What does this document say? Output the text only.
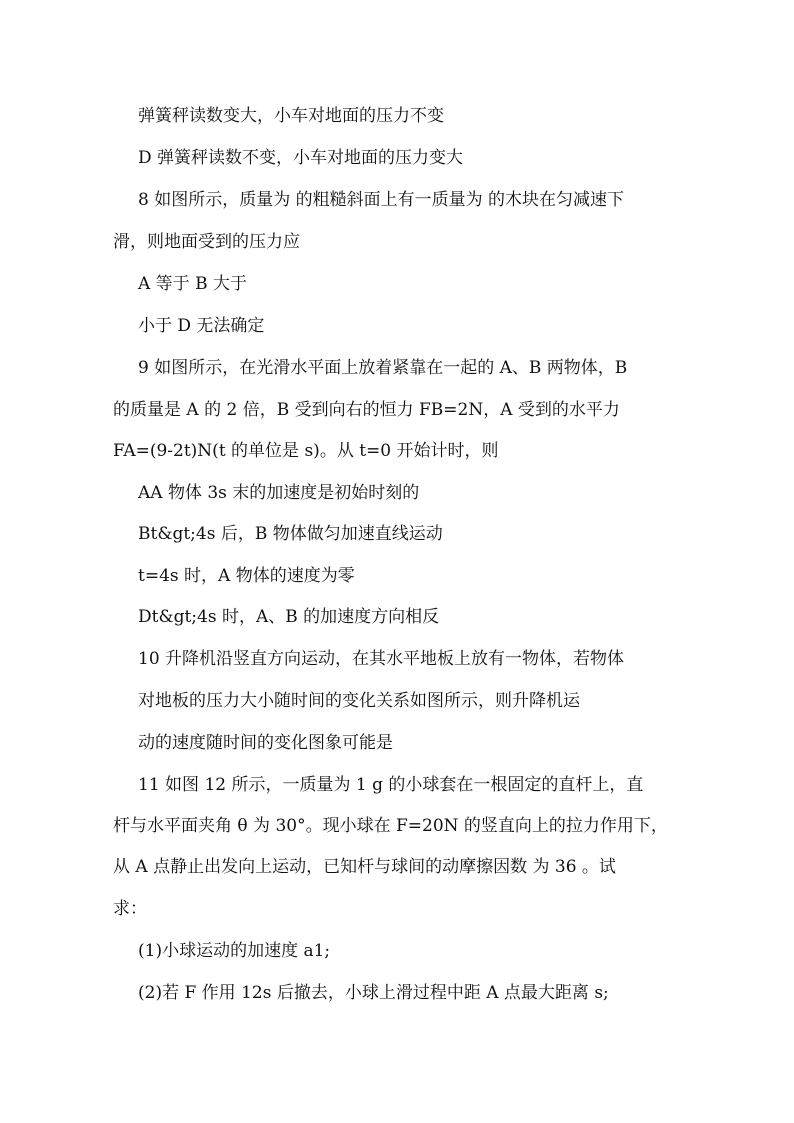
弹簧秤读数变大，小车对地面的压力不变
D 弹簧秤读数不变，小车对地面的压力变大
8 如图所示，质量为 的粗糙斜面上有一质量为 的木块在匀减速下
滑，则地面受到的压力应
A 等于 B 大于
小于 D 无法确定
9 如图所示，在光滑水平面上放着紧靠在一起的 A、B 两物体，B
的质量是 A 的 2 倍，B 受到向右的恒力 FB=2N，A 受到的水平力
FA=(9-2t)N(t 的单位是 s)。从 t=0 开始计时，则
AA 物体 3s 末的加速度是初始时刻的
Bt&gt;4s 后，B 物体做匀加速直线运动
t=4s 时，A 物体的速度为零
Dt&gt;4s 时，A、B 的加速度方向相反
10 升降机沿竖直方向运动，在其水平地板上放有一物体，若物体
对地板的压力大小随时间的变化关系如图所示，则升降机运
动的速度随时间的变化图象可能是
11 如图 12 所示，一质量为 1 g 的小球套在一根固定的直杆上，直
杆与水平面夹角 θ 为 30°。现小球在 F=20N 的竖直向上的拉力作用下，
从 A 点静止出发向上运动，已知杆与球间的动摩擦因数 为 36 。试
求：
(1)小球运动的加速度 a1;
(2)若 F 作用 12s 后撤去，小球上滑过程中距 A 点最大距离 s;
